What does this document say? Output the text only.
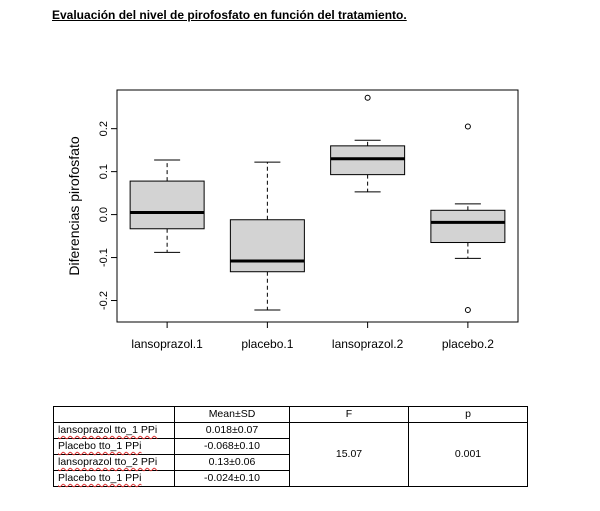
Evaluación del nivel de pirofosfato en función del tratamiento.
-0.2
-0.1
0.0
0.1
0.2
Diferencias pirofosfato
lansoprazol.1	placebo.1	lansoprazol.2	placebo.2
	Mean±SD	F	p
lansoprazol tto_1 PPi	0.018±0.07	15.07	0.001
Placebo tto_1 PPi	-0.068±0.10		
lansoprazol tto_2 PPi	0.13±0.06		
Placebo tto_1 PPi	-0.024±0.10		
